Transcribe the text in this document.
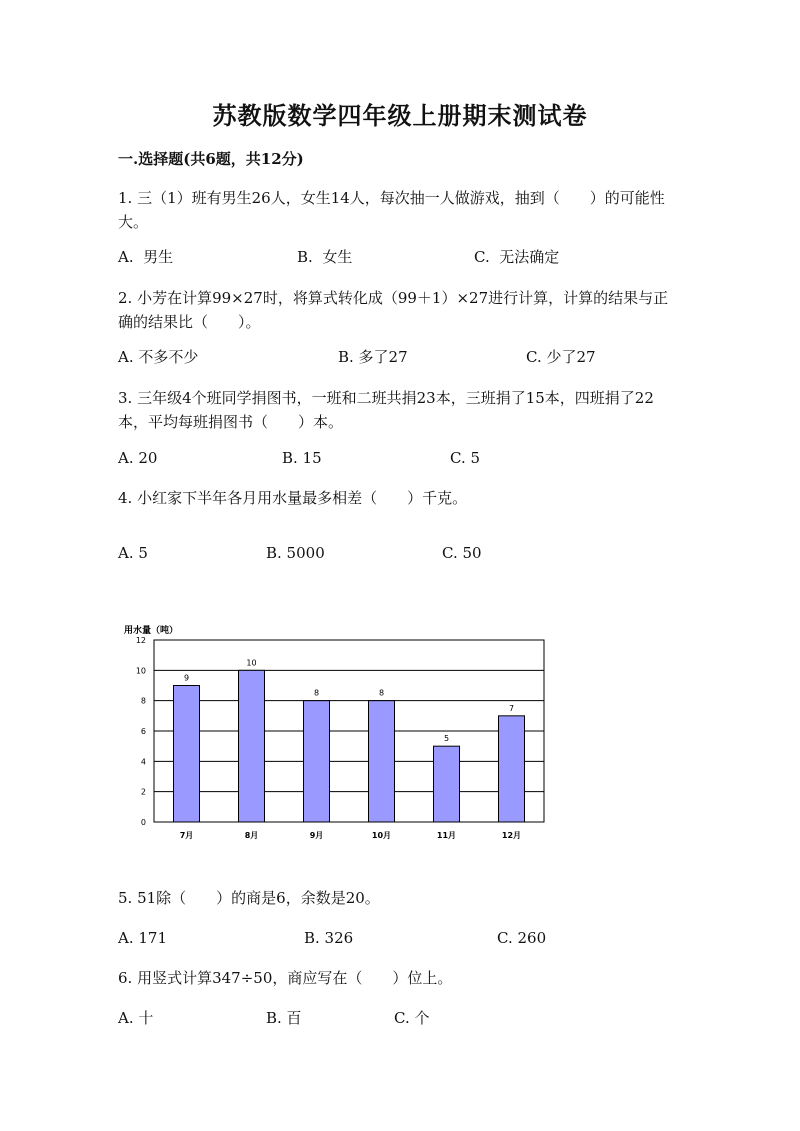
苏教版数学四年级上册期末测试卷
一.选择题(共6题，共12分)
1. 三（1）班有男生26人，女生14人，每次抽一人做游戏，抽到（　　）的可能性大。
A.  男生	B.  女生	C.  无法确定
2. 小芳在计算99×27时，将算式转化成（99＋1）×27进行计算，计算的结果与正确的结果比（　　）。
A. 不多不少	B. 多了27	C. 少了27
3. 三年级4个班同学捐图书，一班和二班共捐23本，三班捐了15本，四班捐了22本，平均每班捐图书（　　）本。
A. 20	B. 15	C. 5
4. 小红家下半年各月用水量最多相差（　　）千克。
A. 5	B. 5000	C. 50
用水量（吨）
0
2
4
6
8
10
12
9
7月
10
8月
8
9月
8
10月
5
11月
7
12月
5. 51除（　　）的商是6，余数是20。
A. 171	B. 326	C. 260
6. 用竖式计算347÷50，商应写在（　　）位上。
A. 十	B. 百	C. 个
